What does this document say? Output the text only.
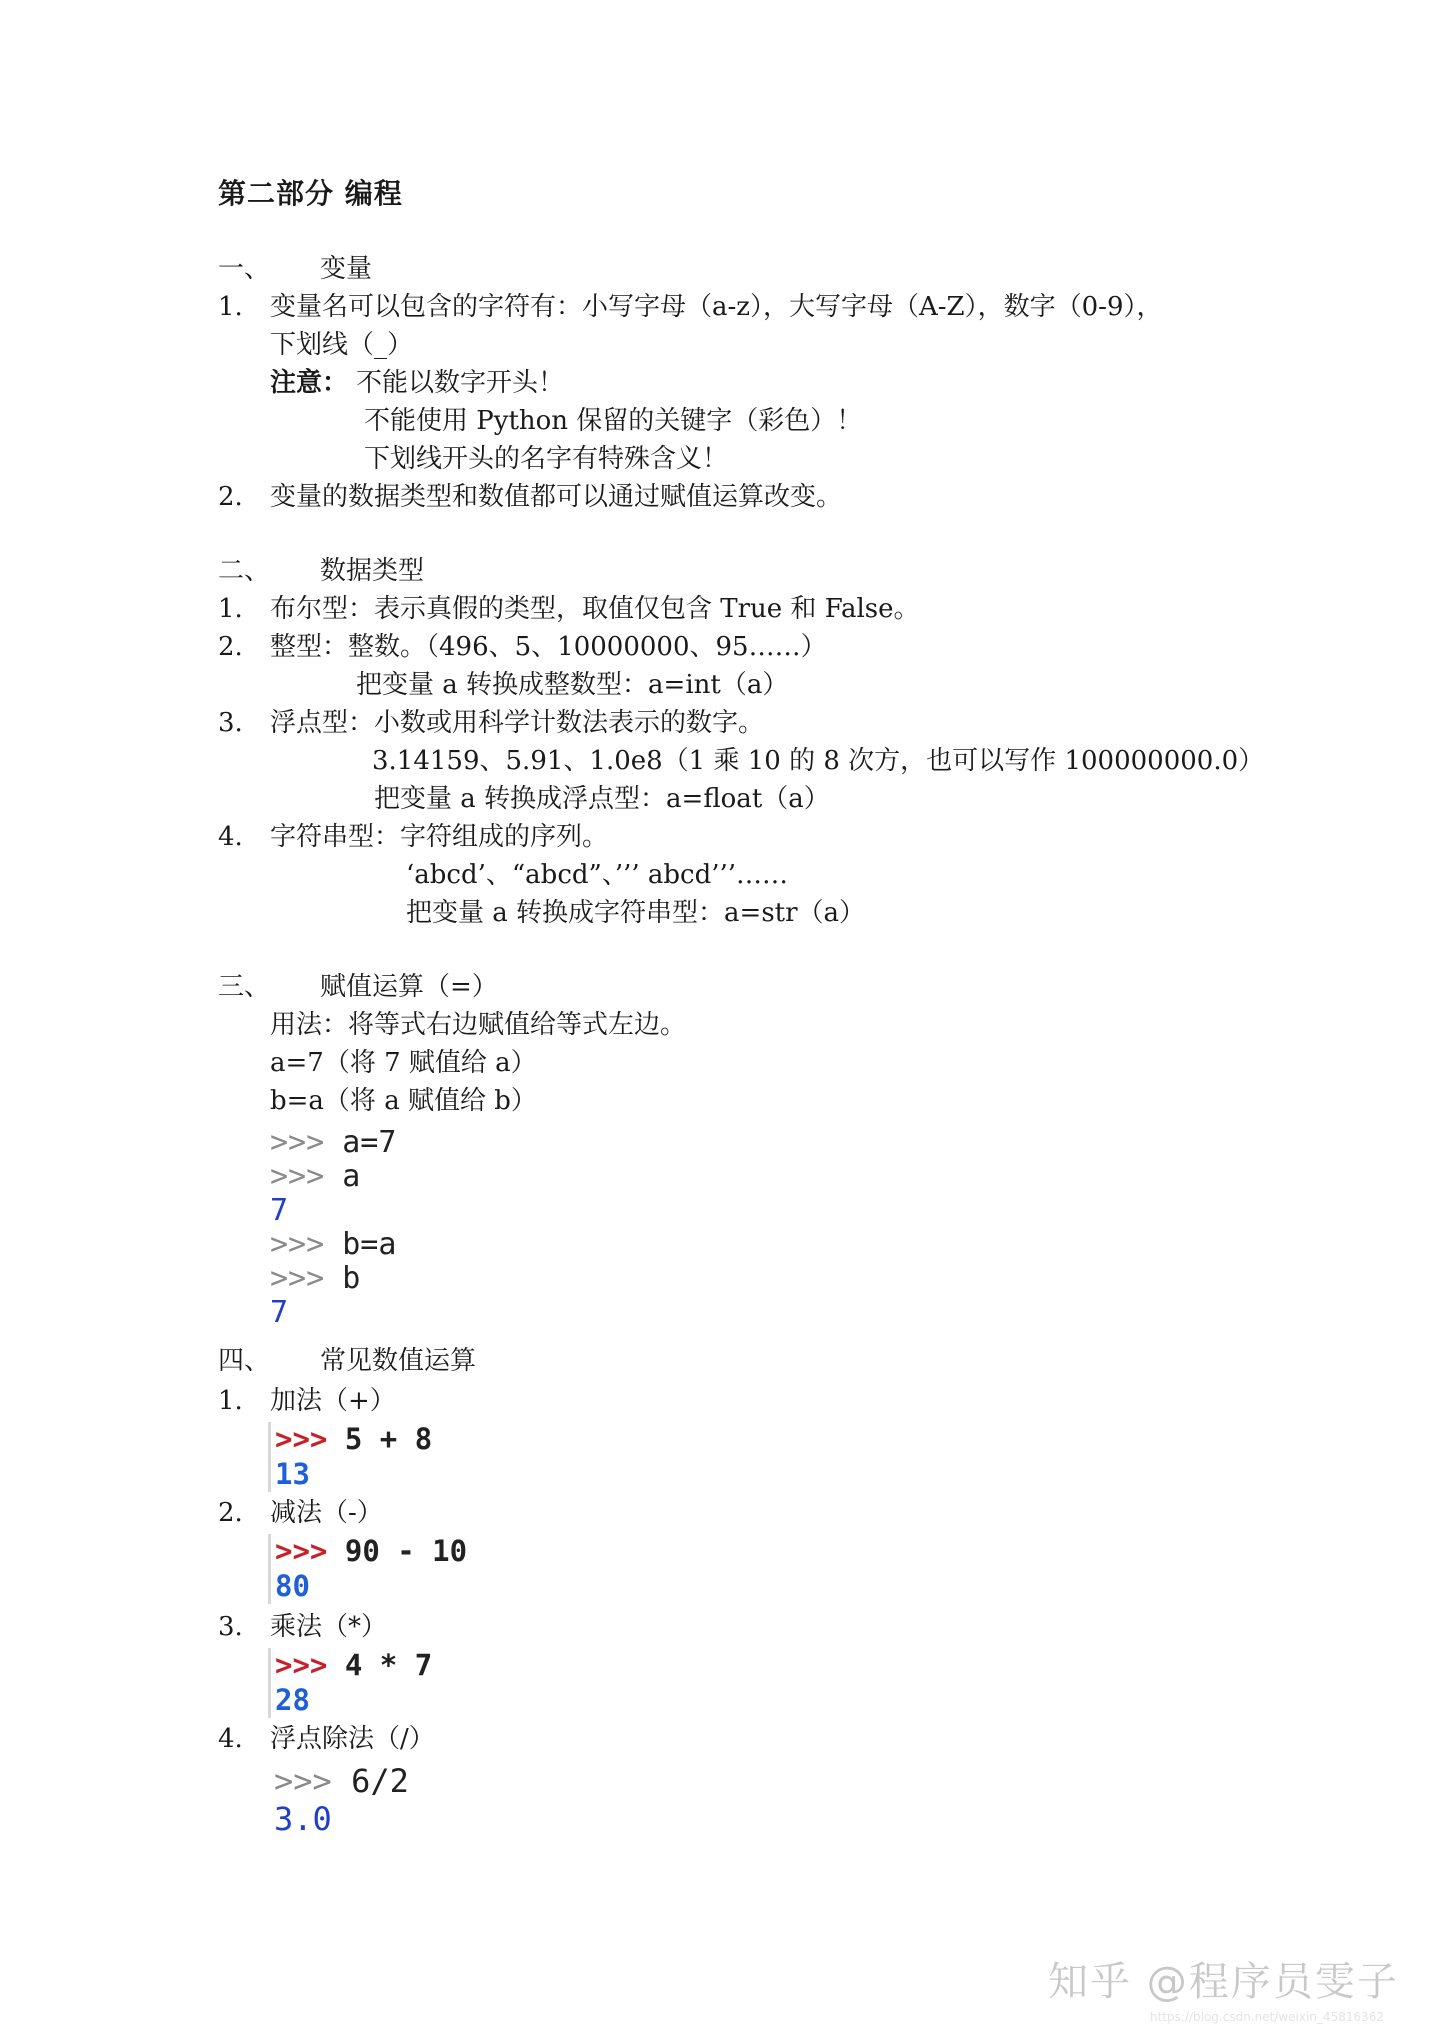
第二部分 编程
一、 变量
1. 变量名可以包含的字符有：小写字母（a-z），大写字母（A-Z），数字（0-9），
下划线（_）
注意： 不能以数字开头！
不能使用 Python 保留的关键字（彩色）！
下划线开头的名字有特殊含义！
2. 变量的数据类型和数值都可以通过赋值运算改变。
二、 数据类型
1. 布尔型：表示真假的类型，取值仅包含 True 和 False。
2. 整型：整数。（496、5、10000000、95……）
把变量 a 转换成整数型：a=int（a）
3. 浮点型：小数或用科学计数法表示的数字。
3.14159、5.91、1.0e8（1 乘 10 的 8 次方，也可以写作 100000000.0）
把变量 a 转换成浮点型：a=float（a）
4. 字符串型：字符组成的序列。
‘abcd’、“abcd”、’’’ abcd’’’……
把变量 a 转换成字符串型：a=str（a）
三、 赋值运算（=）
用法：将等式右边赋值给等式左边。
a=7（将 7 赋值给 a）
b=a（将 a 赋值给 b）
>>> a=7
>>> a
7
>>> b=a
>>> b
7
四、 常见数值运算
1. 加法（+）
>>> 5 + 8
13
2. 减法（-）
>>> 90 - 10
80
3. 乘法（*）
>>> 4 * 7
28
4. 浮点除法（/）
>>> 6/2
3.0
知乎 @程序员雯子
https://blog.csdn.net/weixin_45816362
